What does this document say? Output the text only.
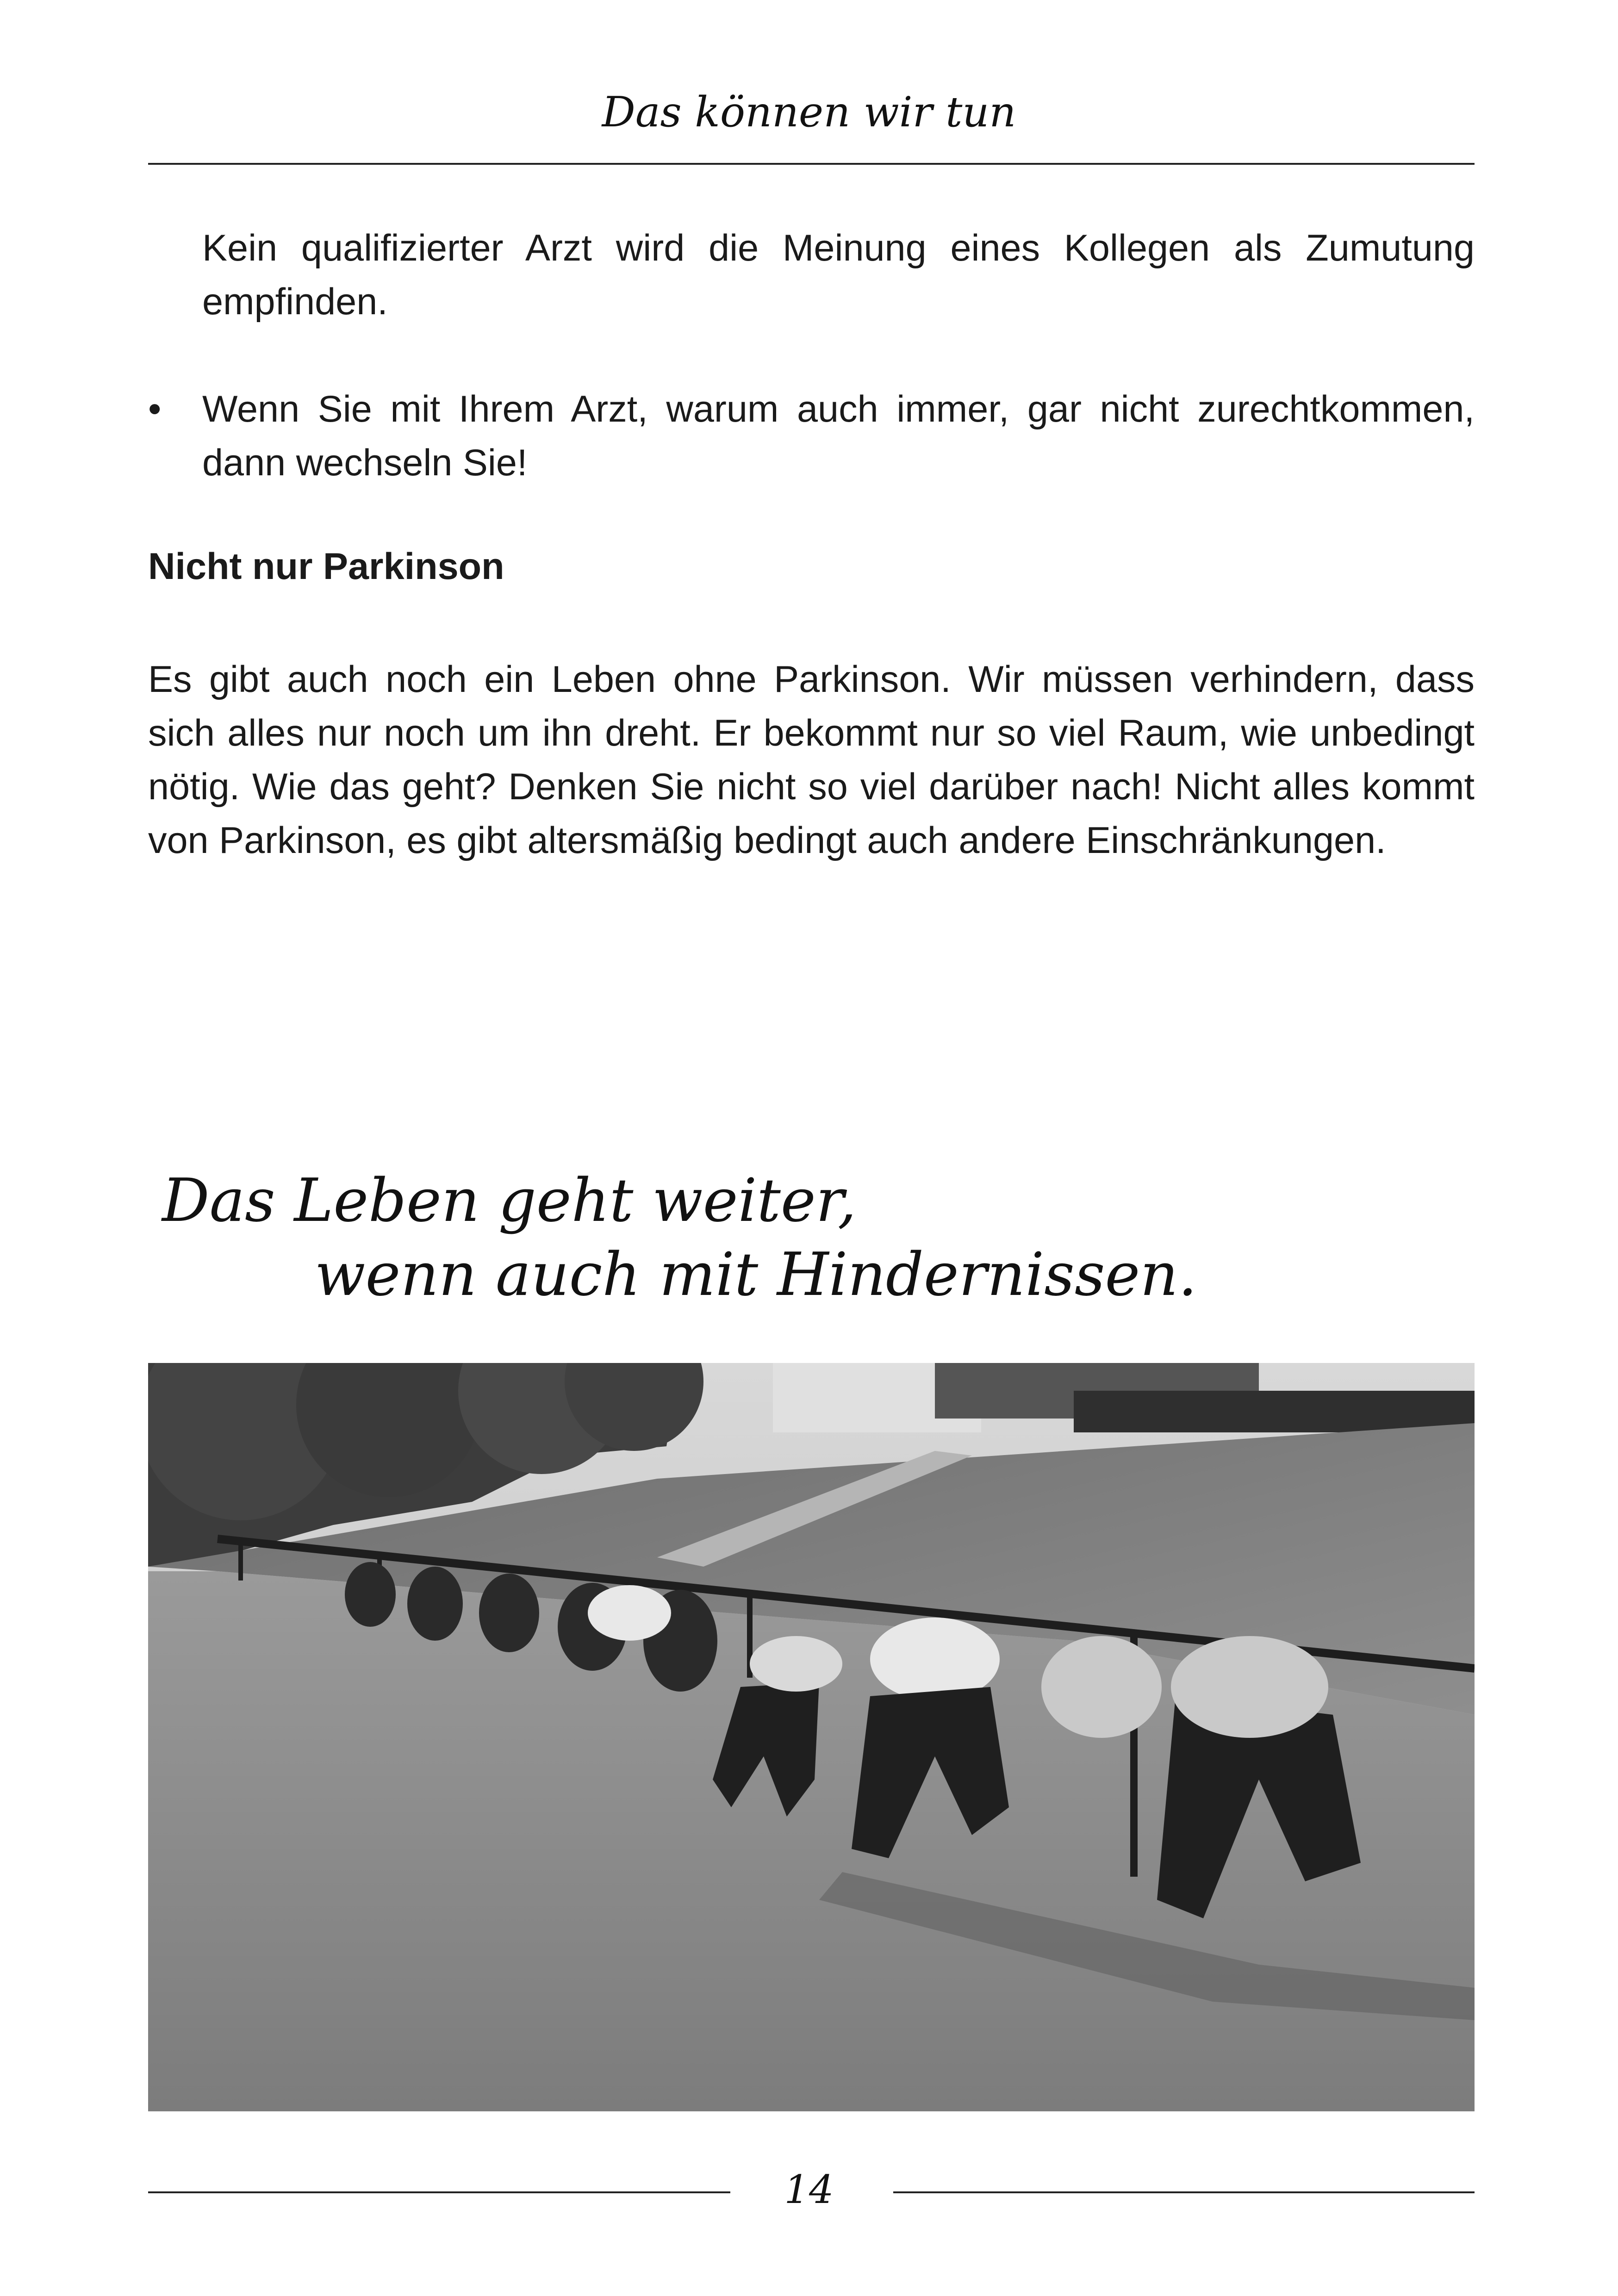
Das können wir tun
Kein qualifizierter Arzt wird die Meinung eines Kollegen als Zumutung empfinden.
• Wenn Sie mit Ihrem Arzt, warum auch immer, gar nicht zurechtkommen, dann wechseln Sie!
Nicht nur Parkinson
Es gibt auch noch ein Leben ohne Parkinson. Wir müssen verhindern, dass sich alles nur noch um ihn dreht. Er bekommt nur so viel Raum, wie unbedingt nötig. Wie das geht? Denken Sie nicht so viel darüber nach! Nicht alles kommt von Parkinson, es gibt altersmäßig bedingt auch andere Einschränkungen.
Das Leben geht weiter,
wenn auch mit Hindernissen.
14
